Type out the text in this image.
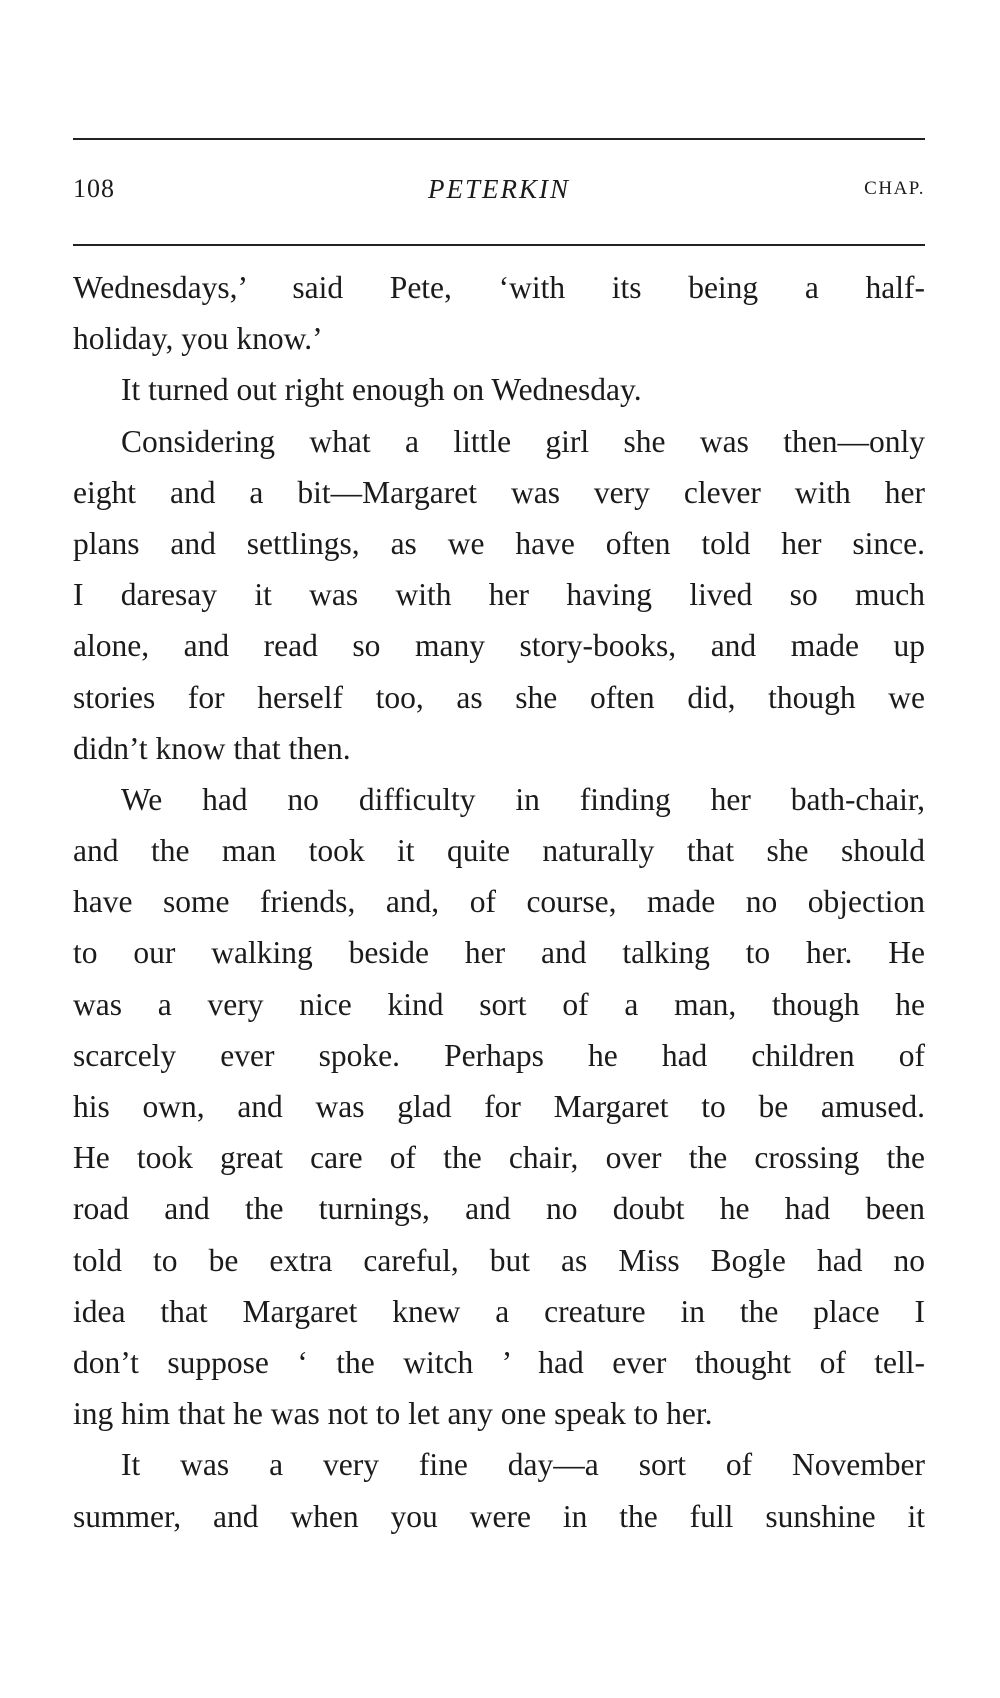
108	PETERKIN	CHAP.
Wednesdays,’ said Pete, ‘with its being a half-
holiday, you know.’
It turned out right enough on Wednesday.
Considering what a little girl she was then—only
eight and a bit—Margaret was very clever with her
plans and settlings, as we have often told her since.
I daresay it was with her having lived so much
alone, and read so many story-books, and made up
stories for herself too, as she often did, though we
didn’t know that then.
We had no difficulty in finding her bath-chair,
and the man took it quite naturally that she should
have some friends, and, of course, made no objection
to our walking beside her and talking to her. He
was a very nice kind sort of a man, though he
scarcely ever spoke. Perhaps he had children of
his own, and was glad for Margaret to be amused.
He took great care of the chair, over the crossing the
road and the turnings, and no doubt he had been
told to be extra careful, but as Miss Bogle had no
idea that Margaret knew a creature in the place I
don’t suppose ‘ the witch ’ had ever thought of tell-
ing him that he was not to let any one speak to her.
It was a very fine day—a sort of November
summer, and when you were in the full sunshine it
